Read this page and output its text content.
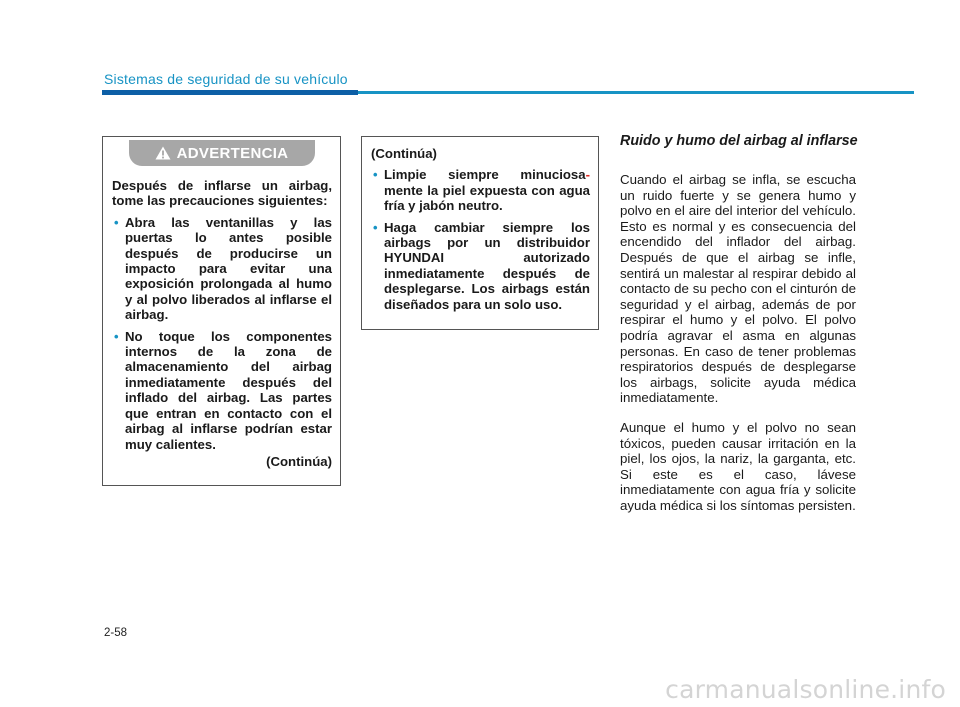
Sistemas de seguridad de su vehículo
ADVERTENCIA
Después de inflarse un airbag, tome las precauciones siguientes:
• Abra las ventanillas y las puertas lo antes posible después de producirse un impacto para evitar una exposición prolongada al humo y al polvo liberados al inflarse el airbag.
• No toque los componentes internos de la zona de almacenamiento del airbag inmediatamente después del inflado del airbag. Las partes que entran en contacto con el airbag al inflarse podrían estar muy calientes.
(Continúa)
(Continúa)
• Limpie siempre minuciosa- mente la piel expuesta con agua fría y jabón neutro.
• Haga cambiar siempre los airbags por un distribuidor HYUNDAI autorizado inmediatamente después de desplegarse. Los airbags están diseñados para un solo uso.
Ruido y humo del airbag al inflarse
Cuando el airbag se infla, se escucha un ruido fuerte y se genera humo y polvo en el aire del interior del vehículo. Esto es normal y es consecuencia del encendido del inflador del airbag. Después de que el airbag se infle, sentirá un malestar al respirar debido al contacto de su pecho con el cinturón de seguridad y el airbag, además de por respirar el humo y el polvo. El polvo podría agravar el asma en algunas personas. En caso de tener problemas respiratorios después de desplegarse los airbags, solicite ayuda médica inmediatamente.
Aunque el humo y el polvo no sean tóxicos, pueden causar irritación en la piel, los ojos, la nariz, la garganta, etc. Si este es el caso, lávese inmediatamente con agua fría y solicite ayuda médica si los síntomas persisten.
2-58
carmanualsonline.info
